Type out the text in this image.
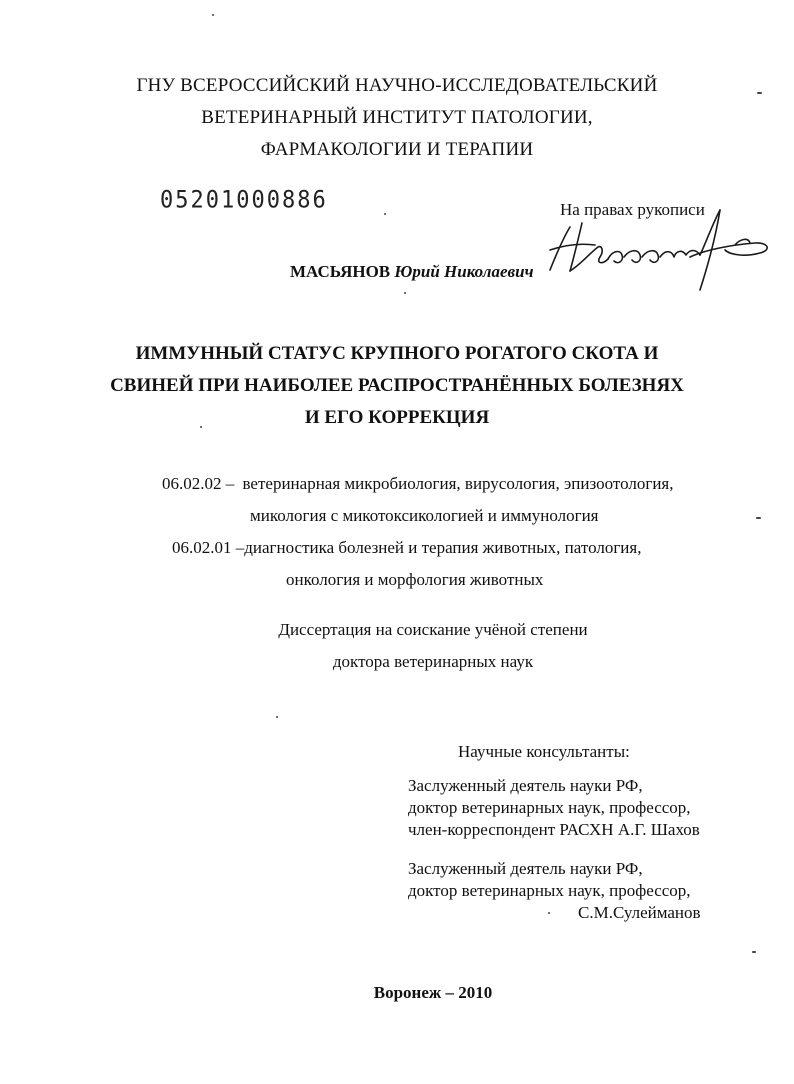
ГНУ ВСЕРОССИЙСКИЙ НАУЧНО-ИССЛЕДОВАТЕЛЬСКИЙ
ВЕТЕРИНАРНЫЙ ИНСТИТУТ ПАТОЛОГИИ,
ФАРМАКОЛОГИИ И ТЕРАПИИ
05201000886	На правах рукописи
МАСЬЯНОВ Юрий Николаевич
ИММУННЫЙ СТАТУС КРУПНОГО РОГАТОГО СКОТА И
СВИНЕЙ ПРИ НАИБОЛЕЕ РАСПРОСТРАНЁННЫХ БОЛЕЗНЯХ
И ЕГО КОРРЕКЦИЯ
06.02.02 – ветеринарная микробиология, вирусология, эпизоотология,
микология с микотоксикологией и иммунология
06.02.01 –диагностика болезней и терапия животных, патология,
онкология и морфология животных
Диссертация на соискание учёной степени
доктора ветеринарных наук
Научные консультанты:
Заслуженный деятель науки РФ,
доктор ветеринарных наук, профессор,
член-корреспондент РАСХН А.Г. Шахов
Заслуженный деятель науки РФ,
доктор ветеринарных наук, профессор,
С.М.Сулейманов
Воронеж – 2010
